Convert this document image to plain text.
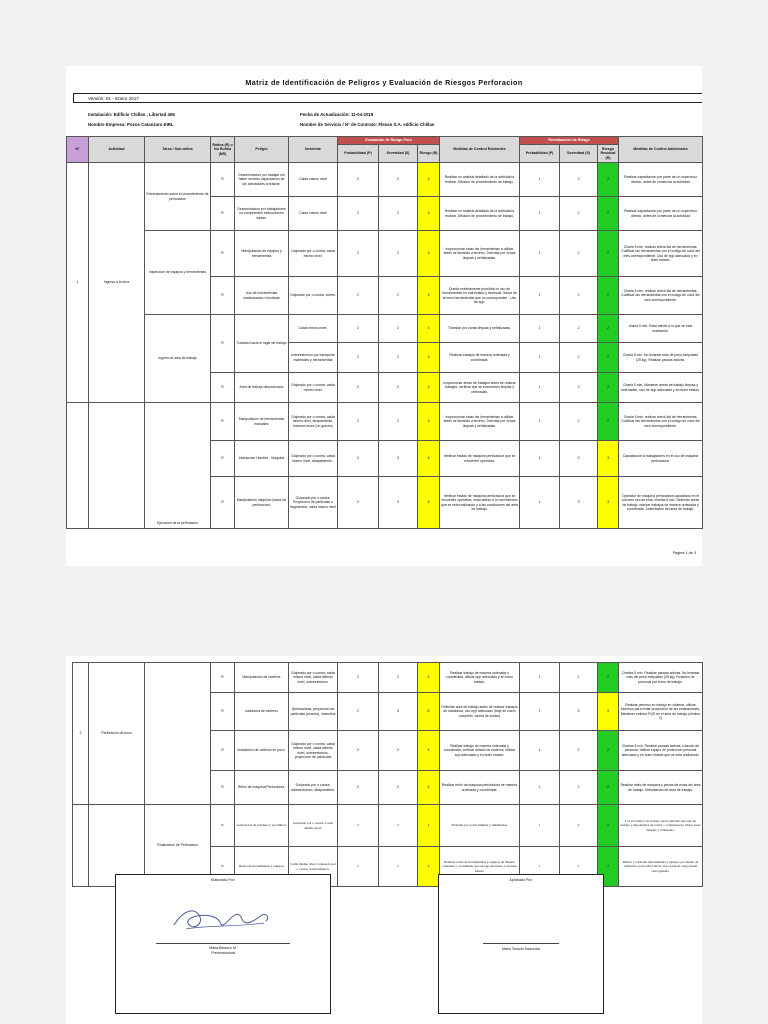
Matriz de Identificación de Peligros y Evaluación de Riesgos Perforacion
Versión: 01 - Enero 2017
Instalación: Edificio Chillan , Libertad 455
Nombre Empresa: Pozos Catanzaro EIRL
Fecha de Actualización: 11-04-2018
Nombre de Servicio / N° de Contrato: Flesan S.A. edificio Chillan
N°	Actividad	Tarea / Sub-rutina	Rutina (R) o No Rutina (NR)	Peligro	Incidente	Evaluación de Riesgo Puro			Medidas de Control Existentes	Reevaluación de Riesgo			Medidas de Control Adicionales
						Probabilidad (P)	Severidad (S)	Riesgo (R)		Probabilidad (P)	Severidad (S)	Riesgo Residual (R)	
1	Ingreso a la obra	Entrenamiento sobre el procedimiento de perforacion	R	Desorientacion por trabajar sin haber recivido capacitacion de las actividades a realizar.	Caida mismo nivel	2	2	4	Realizar un analisis detallado de la actividad a realizar. Difusion de procedimiento de trabajo.	1	2	2	Realizar capacitacion por parte de un supervisor directo, antes de comenzar la actividad
			R	Desorientacion por trabajadores no comprenden instrucciones dadas.	Caida mismo nivel	2	2	4	Realizar un analisis detallado de la actividad a realizar. Difusion de procedimiento de trabajo.	1	2	2	Realizar capacitacion por parte de un supervisor directo, antes de comenzar la actividad
		Inspeccion de equipos y herramientas	R	Manipulacion de equipos y herramientas	Golpeado por o contra, caida mismo nivel.	2	2	4	Inspeccionar todas las herramientas a utilizar antes de llevarlas a terreno. Transitar por zonas limpias y señalizadas.	1	2	2	Charla 5 min, realizar check-list de herramientas. Codificar las herramientas con el codigo de color del mes correspondiente. Uso de epp adecuado y en buen estado.
			R	Uso de herramientas inadecuadas o hechizas	Golpeado por o contra, cortes.	2	2	4	Queda estrictamente prohibido el uso de herramientas en mal estado y hechizas. Sacar de terreno herramientas que no corresponden . Uso de epp.	1	2	2	Charla 5 min, realizar check-list de herramientas. Codificar las herramientas con el codigo de color del mes correspondiente.
		Ingreso al area de trabajo	R	Traslado hacia el lugar de trabajo	Caida mismo nivel.	2	2	4	Transitar por zonas limpias y señalizadas.	1	2	2	charla 5 min, Estar atento a lo que se esta realizando.
					sobreesfuerzo por transporte materiales y herramientas	2	2	4	Realizar trabajos de manera ordenada y coordinada.	1	2	2	Charla 5 min. No levantar mas de peso estipulado (25 kg). Realizar pausas activas.
			R	Area de trabajo desordenado	Golpeado por o contra, caida mismo nivel.	2	2	4	Inspeccionar areas de trabajos antes de realizar trabajos, verificar que se encuentren limpias y ordenadas.	1	2	2	Charla 5 min, Mantener areas de trabajo limpias y ordenadas, Uso de epp adecuado y en buen estado.
		Ejecución de la perforación	R	Manipulacion de herramientas manuales	Golpeado por o contra, caida mismo nivel, atrapamiento, lesiones leves (no graves)	2	2	4	Inspeccionar todas las herramientas a utilizar antes de llevarlas a terreno. Transitar por zonas limpias y señalizadas.	1	2	2	Charla 5 min, realizar check-list de herramientas. Codificar las herramientas con el codigo de color del mes correspondiente.
			R	Interaccion Hombre - Maquina	Golpeado por o contra, caida mismo nivel, atrapamiento .	2	3	6	Verificar estado de maquina perforadora que se encuentre operativa.	1	3	3	Capacitacion a trabajadores en el uso de maquina perforadora.
			R	Manipulacion maquina (motor de perforacion)	Golpeado por o contra, Proyeccion de particulas o fragmentos, caida mismo nivel	2	3	6	Verificar estado de maquina perforadora que se encuentre operativa, estar atento a lo movimientos que se esta realizando y a las condiciones del area de trabajo.	1	3	3	Operador de maquina perforadora capacitado en el correcto uso de esta, charlas 5 min. Delimitar areas de trabajo, realizar trabajos de manera ordenada y coordinada. Delimitacion del area de trabajo.
Pagina 1 de 3
2	Perforacion de pozo		R	Manipulacion de carteros	Golpeado por o contra, caida mismo nivel, caida distinto nivel, sobreesfuerzo.	2	2	4	Realizar trabajo de manera ordenada y coordinada, utilizar epp adecuado y en buen estado.	1	2	2	Charlas 5 min. Realizar pausas activas. No levantar mas del peso estipulado (25 kg). Rotacion de personal por turno de trabajo.
			R	soldadura de carteros	Quemaduras, proyeccion de particulas (escoria), incendios	2	3	6	Delimitar area de trabajo antes de realizar trabajos de soldadura, uso epp adecuado (traje de cuero completo, careta de soldar)	1	3	3	Realizar permiso en trabajo en caliente, utilizar biombos para evitar proyeccion de las emanaciones, Mantener extintor PQS en el area de trabajo (minimo 2)
			R	Instalacion de carteros en pozo.	Golpeado por o contra, caida mismo nivel, caida distinto nivel, sobreesfuerzo, proyeccion de particulas	2	2	4	Realizar trabajo de manera ordenada y coordinada, verificar estado de carteros, utilizar epp adecuado y en buen estado.	1	2	2	Charlas 5 min. Realizar pausas activas, rotacion de personal, Utilizar equipo de proteccion personal adecuado y en buen estado que se esta realizando.
			R	Retiro de maquina Perforadora.	Golpeado por o contra, sobreesfuerzo, atrapamiento.	2	2	4	Realizar retiro de maquina perforadora de manera ordenada y coordinada.	1	2	2	Realizar retiro de maquina y piezas de estas del area de trabajo. Delimitacion de area de trabajo.
		Finalizacion de Perforacion	R	Generacion de residuos y escombros	Golpeado por o contra, Caida mismo nivel	2	2	4	Transitar por zonas limpias y señalizadas.	1	2	2	Los escombros de trabajo seran retirados del area de trabajo y depositados en tolvas o contenedores. Dejar areas limpias y ordenadas.
			R	Retiro de herramientas y equipos	Caida mismo nivel. Golpeado por o contra, Sobreesfuerzo.	2	2	4	Realizar retiro de herramientas y equipos de manera ordenada y coordinada, uso de epp adecuado y en buen estado.	1	2	2	Retirar y trasladar herramientas y equipos por medio de vehiculos, para evitar llevar en la parte de carga desde cerro/ganado.
Elaborado Por:
Maria Belasco M.
Prevencionista
Aprobado Por:
Mario Tenorio Saavedra
